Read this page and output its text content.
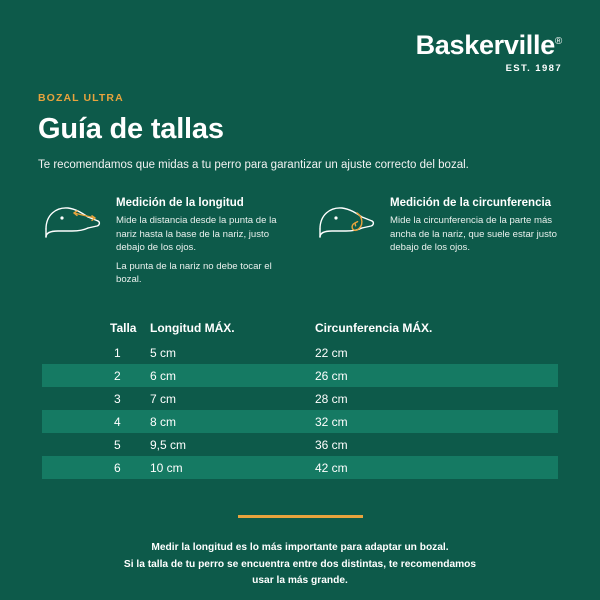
Baskerville®
EST. 1987
BOZAL ULTRA
Guía de tallas
Te recomendamos que midas a tu perro para garantizar un ajuste correcto del bozal.
Medición de la longitud

Mide la distancia desde la punta de la nariz hasta la base de la nariz, justo debajo de los ojos.

La punta de la nariz no debe tocar el bozal.

Medición de la circunferencia

Mide la circunferencia de la parte más ancha de la nariz, que suele estar justo debajo de los ojos.

Talla	Longitud MÁX.	Circunferencia MÁX.
1	5 cm	22 cm
2	6 cm	26 cm
3	7 cm	28 cm
4	8 cm	32 cm
5	9,5 cm	36 cm
6	10 cm	42 cm
Medir la longitud es lo más importante para adaptar un bozal.
Si la talla de tu perro se encuentra entre dos distintas, te recomendamos
usar la más grande.
